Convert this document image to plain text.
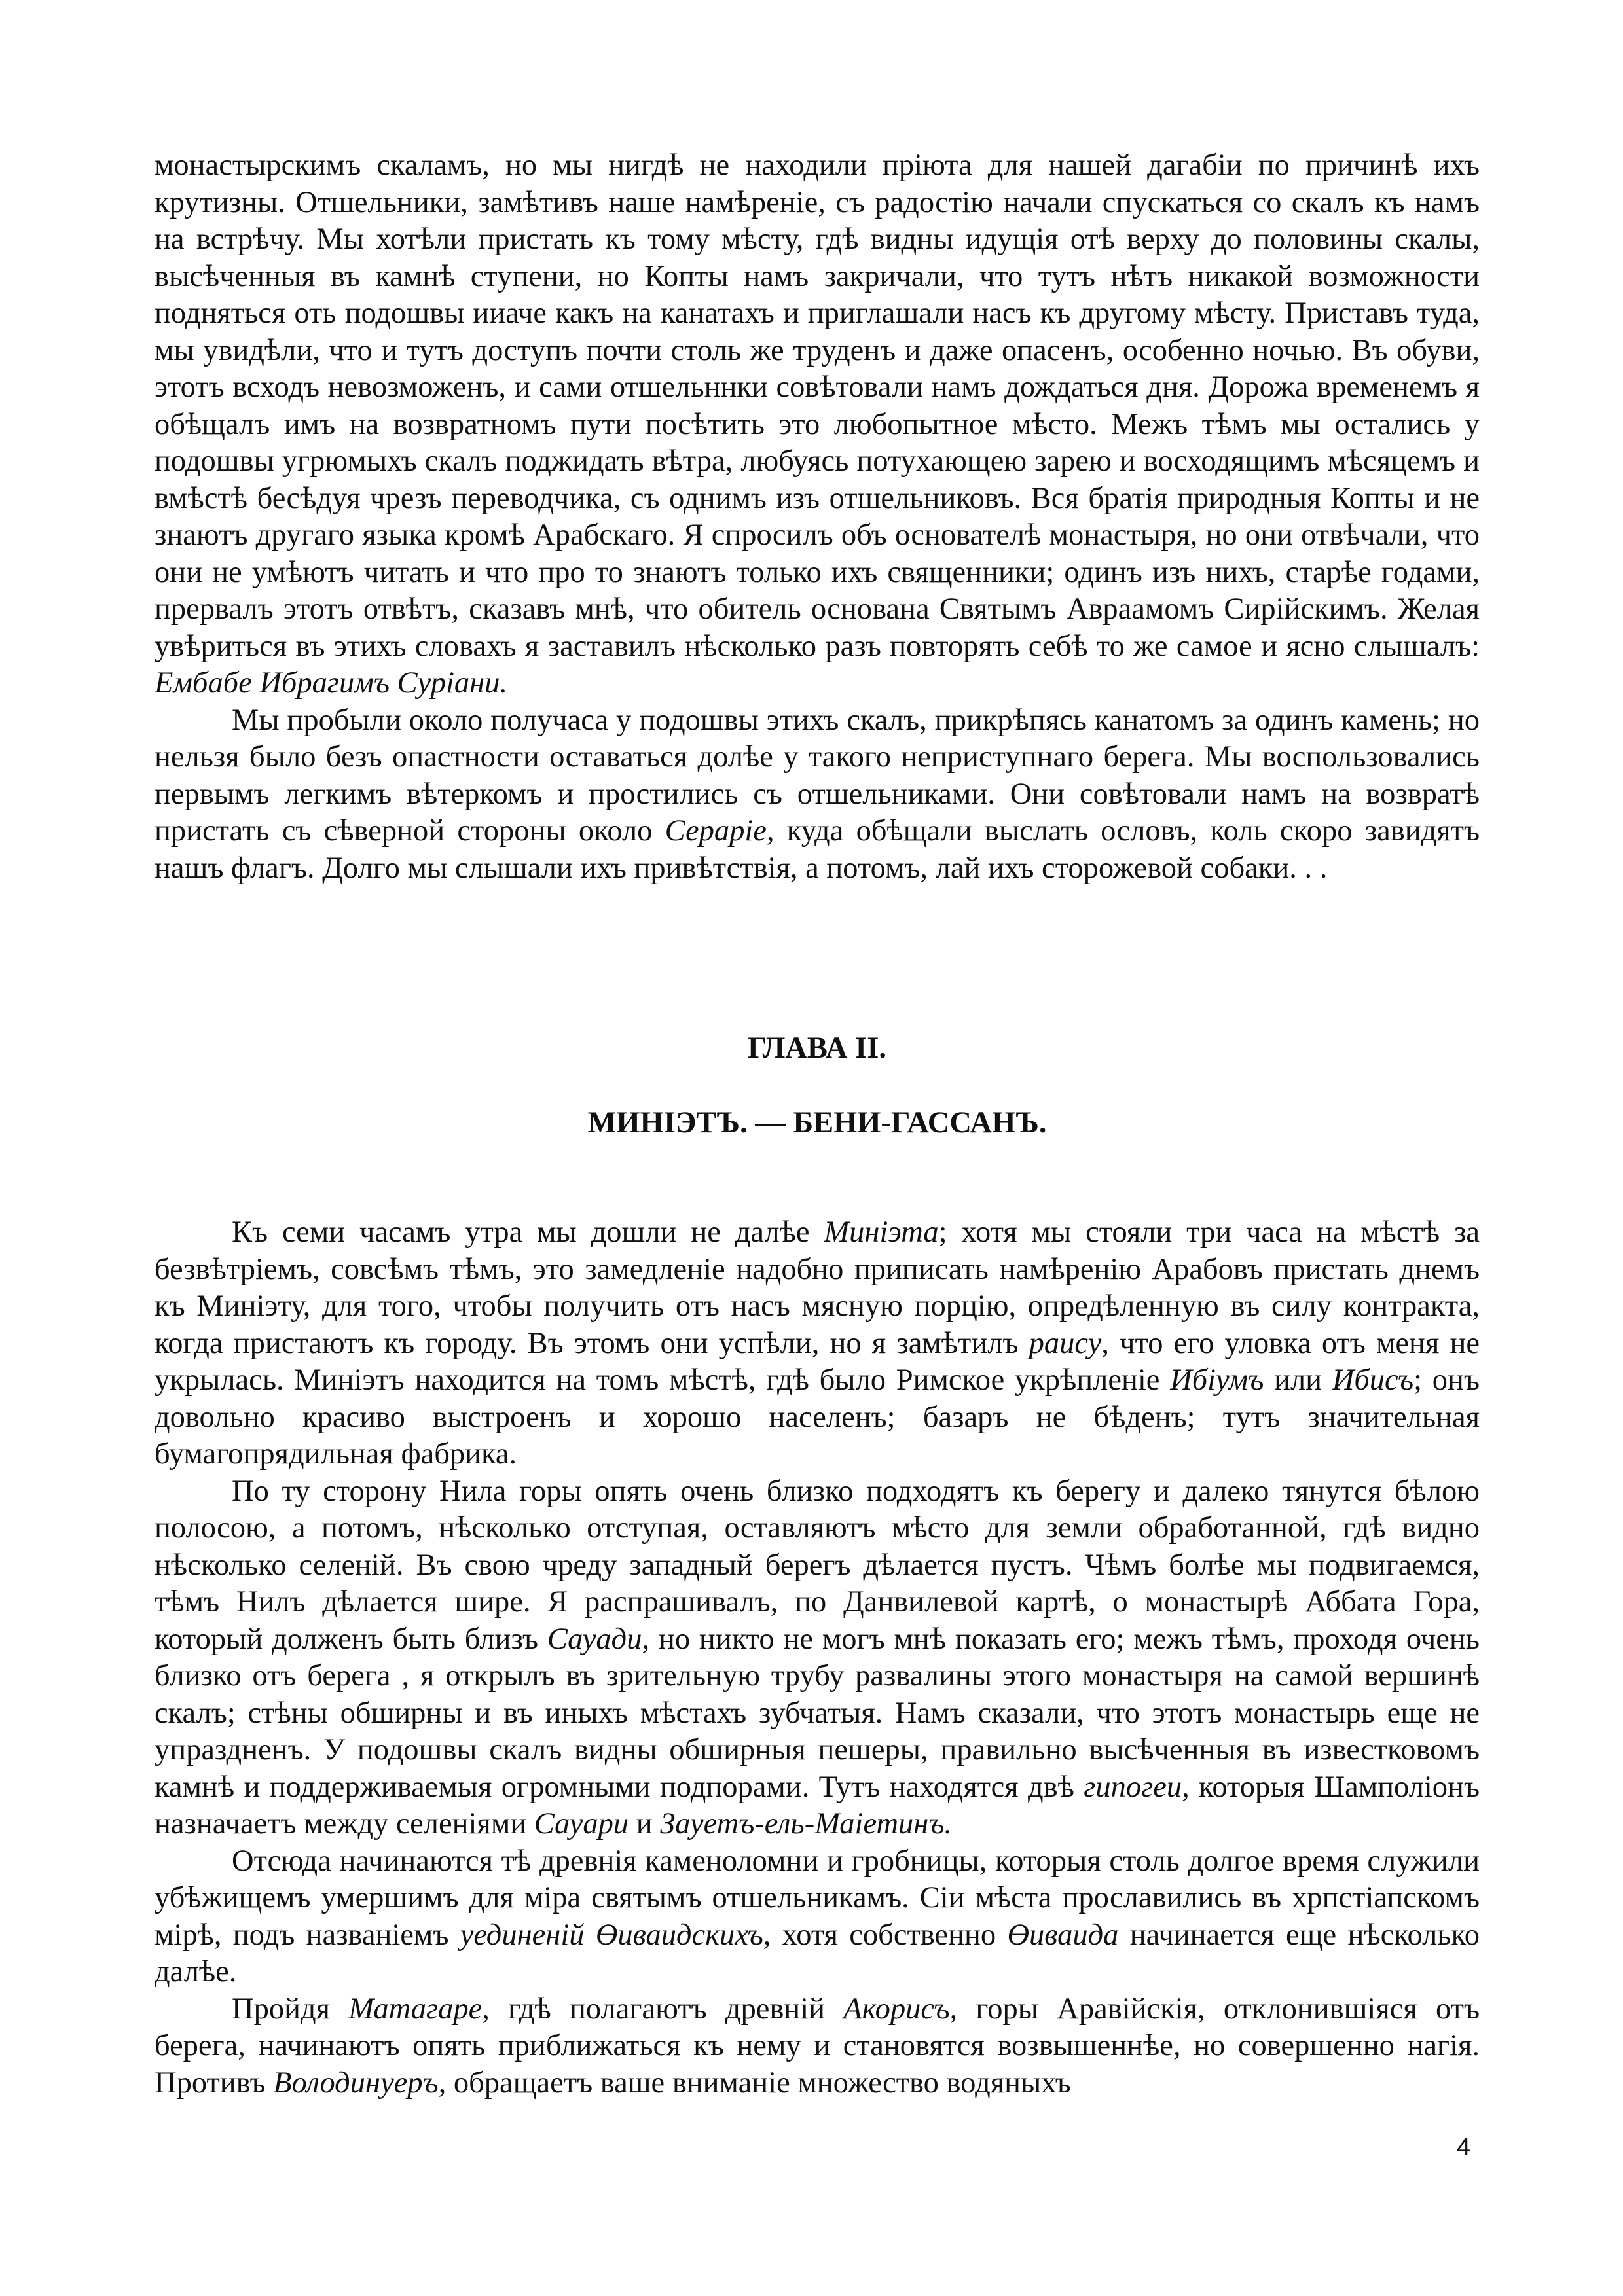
монастырскимъ скаламъ, но мы нигдѣ не находили пріюта для нашей дагабіи по причинѣ ихъ крутизны. Отшельники, замѣтивъ наше намѣреніе, съ радостію начали спускаться со скалъ къ намъ на встрѣчу. Мы хотѣли пристать къ тому мѣсту, гдѣ видны идущія отѣ верху до половины скалы, высѣченныя въ камнѣ ступени, но Копты намъ закричали, что тутъ нѣтъ никакой возможности подняться оть подошвы ииаче какъ на канатахъ и приглашали насъ къ другому мѣсту. Приставъ туда, мы увидѣли, что и тутъ доступъ почти столь же труденъ и даже опасенъ, особенно ночью. Въ обуви, этотъ всходъ невозможенъ, и сами отшельннки совѣтовали намъ дождаться дня. Дорожа временемъ я обѣщалъ имъ на возвратномъ пути посѣтить это любопытное мѣсто. Межъ тѣмъ мы остались у подошвы угрюмыхъ скалъ поджидать вѣтра, любуясь потухающею зарею и восходящимъ мѣсяцемъ и вмѣстѣ бесѣдуя чрезъ переводчика, съ однимъ изъ отшельниковъ. Вся братія природныя Копты и не знаютъ другаго языка кромѣ Арабскаго. Я спросилъ объ основателѣ монастыря, но они отвѣчали, что они не умѣютъ читать и что про то знаютъ только ихъ священники; одинъ изъ нихъ, старѣе годами, прервалъ этотъ отвѣтъ, сказавъ мнѣ, что обитель основана Святымъ Авраамомъ Сирійскимъ. Желая увѣриться въ этихъ словахъ я заставилъ нѣсколько разъ повторять себѣ то же самое и ясно слышалъ: Ембабе Ибрагимъ Суріани.

Мы пробыли около получаса у подошвы этихъ скалъ, прикрѣпясь канатомъ за одинъ камень; но нельзя было безъ опастности оставаться долѣе у такого неприступнаго берега. Мы воспользовались первымъ легкимъ вѣтеркомъ и простились съ отшельниками. Они совѣтовали намъ на возвратѣ пристать съ сѣверной стороны около Серарie, куда обѣщали выслать ословъ, коль скоро завидятъ нашъ флагъ. Долго мы слышали ихъ привѣтствія, а потомъ, лай ихъ сторожевой собаки. . .

ГЛАВА II.
МИНIЭТЪ. — БЕНИ-ГАССАНЪ.

Къ семи часамъ утра мы дошли не далѣе Миніэта; хотя мы стояли три часа на мѣстѣ за безвѣтріемъ, совсѣмъ тѣмъ, это замедленіе надобно приписать намѣренію Арабовъ пристать днемъ къ Миніэту, для того, чтобы получить отъ насъ мясную порцію, опредѣленную въ силу контракта, когда пристаютъ къ городу. Въ этомъ они успѣли, но я замѣтилъ раису, что его уловка отъ меня не укрылась. Миніэтъ находится на томъ мѣстѣ, гдѣ было Римское укрѣпленіе Ибіумъ или Ибисъ; онъ довольно красиво выстроенъ и хорошо населенъ; базаръ не бѣденъ; тутъ значительная бумагопрядильная фабрика.

По ту сторону Нила горы опять очень близко подходятъ къ берегу и далеко тянутся бѣлою полосою, а потомъ, нѣсколько отступая, оставляютъ мѣсто для земли обработанной, гдѣ видно нѣсколько селеній. Въ свою чреду западный берегъ дѣлается пустъ. Чѣмъ болѣе мы подвигаемся, тѣмъ Нилъ дѣлается шире. Я распрашивалъ, по Данвилевой картѣ, о монастырѣ Аббата Гора, который долженъ быть близъ Сауади, но никто не могъ мнѣ показать его; межъ тѣмъ, проходя очень близко отъ берега , я открылъ въ зрительную трубу развалины этого монастыря на самой вершинѣ скалъ; стѣны обширны и въ иныхъ мѣстахъ зубчатыя. Намъ сказали, что этотъ монастырь еще не упраздненъ. У подошвы скалъ видны обширныя пешеры, правильно высѣченныя въ известковомъ камнѣ и поддерживаемыя огромными подпорами. Тутъ находятся двѣ гипогеи, которыя Шамполіонъ назначаетъ между селеніями Сауари и Зауетъ-ель-Маіетинъ.

Отсюда начинаются тѣ древнія каменоломни и гробницы, которыя столь долгое время служили убѣжищемъ умершимъ для міра святымъ отшельникамъ. Сіи мѣста прославились въ хрпстіапскомъ мірѣ, подъ названіемъ уединеній Өиваидскихъ, хотя собственно Өиваида начинается еще нѣсколько далѣе.

Пройдя Матагаре, гдѣ полагаютъ древній Акорисъ, горы Аравійскія, отклонившіяся отъ берега, начинаютъ опять приближаться къ нему и становятся возвышеннѣе, но совершенно нагія. Противъ Володинуеръ, обращаетъ ваше вниманіе множество водяныхъ

4
